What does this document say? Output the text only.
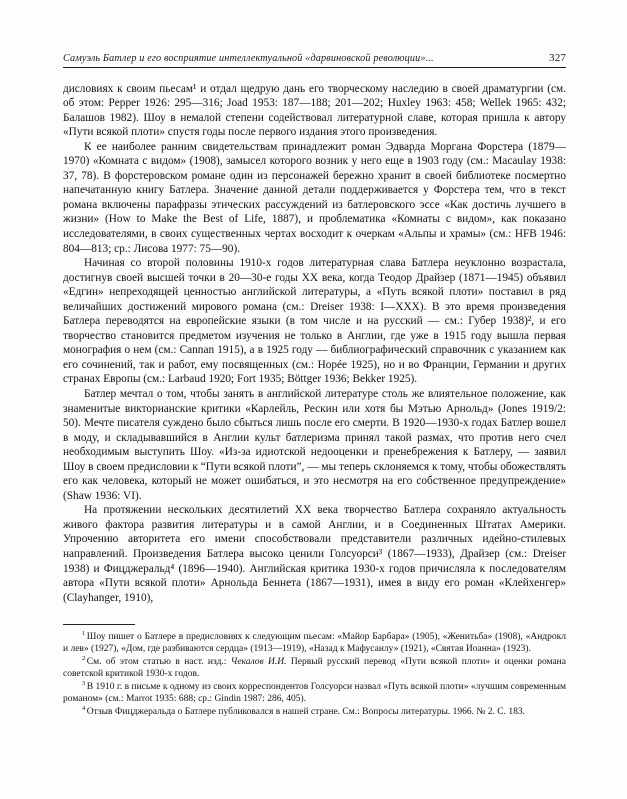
Самуэль Батлер и его восприятие интеллектуальной «дарвиновской революции»...	327

дисловиях к своим пьесам¹ и отдал щедрую дань его творческому наследию в своей драматургии (см. об этом: Pepper 1926: 295—316; Joad 1953: 187—188; 201—202; Huxley 1963: 458; Wellek 1965: 432; Балашов 1982). Шоу в немалой степени содействовал литературной славе, которая пришла к автору «Пути всякой плоти» спустя годы после первого издания этого произведения.

К ее наиболее ранним свидетельствам принадлежит роман Эдварда Моргана Форстера (1879—1970) «Комната с видом» (1908), замысел которого возник у него еще в 1903 году (см.: Macaulay 1938: 37, 78). В форстеровском романе один из персонажей бережно хранит в своей библиотеке посмертно напечатанную книгу Батлера. Значение данной детали поддерживается у Форстера тем, что в текст романа включены парафразы этических рассуждений из батлеровского эссе «Как достичь лучшего в жизни» (How to Make the Best of Life, 1887), и проблематика «Комнаты с видом», как показано исследователями, в своих существенных чертах восходит к очеркам «Альпы и храмы» (см.: HFB 1946: 804—813; ср.: Лисова 1977: 75—90).

Начиная со второй половины 1910-х годов литературная слава Батлера неуклонно возрастала, достигнув своей высшей точки в 20—30-е годы XX века, когда Теодор Драйзер (1871—1945) объявил «Едгин» непреходящей ценностью английской литературы, а «Путь всякой плоти» поставил в ряд величайших достижений мирового романа (см.: Dreiser 1938: I—XXX). В это время произведения Батлера переводятся на европейские языки (в том числе и на русский — см.: Губер 1938)², и его творчество становится предметом изучения не только в Англии, где уже в 1915 году вышла первая монография о нем (см.: Cannan 1915), а в 1925 году — библиографический справочник с указанием как его сочинений, так и работ, ему посвященных (см.: Hopée 1925), но и во Франции, Германии и других странах Европы (см.: Larbaud 1920; Fort 1935; Böttger 1936; Bekker 1925).

Батлер мечтал о том, чтобы занять в английской литературе столь же влиятельное положение, как знаменитые викторианские критики «Карлейль, Рескин или хотя бы Мэтью Арнольд» (Jones 1919/2: 50). Мечте писателя суждено было сбыться лишь после его смерти. В 1920—1930-х годах Батлер вошел в моду, и складывавшийся в Англии культ батлеризма принял такой размах, что против него счел необходимым выступить Шоу. «Из-за идиотской недооценки и пренебрежения к Батлеру, — заявил Шоу в своем предисловии к “Пути всякой плоти”, — мы теперь склоняемся к тому, чтобы обожествлять его как человека, который не может ошибаться, и это несмотря на его собственное предупреждение» (Shaw 1936: VI).

На протяжении нескольких десятилетий XX века творчество Батлера сохраняло актуальность живого фактора развития литературы и в самой Англии, и в Соединенных Штатах Америки. Упрочению авторитета его имени способствовали представители различных идейно-стилевых направлений. Произведения Батлера высоко ценили Голсуорси³ (1867—1933), Драйзер (см.: Dreiser 1938) и Фицджеральд⁴ (1896—1940). Английская критика 1930-х годов причисляла к последователям автора «Пути всякой плоти» Арнольда Беннета (1867—1931), имея в виду его роман «Клейхенгер» (Clayhanger, 1910),

$^1$ Шоу пишет о Батлере в предисловиях к следующим пьесам: «Майор Барбара» (1905), «Женитьба» (1908), «Андрокл и лев» (1927), «Дом, где разбиваются сердца» (1913—1919), «Назад к Мафусаилу» (1921), «Святая Иоанна» (1923).

$^2$ См. об этом статью в наст. изд.: Чекалов И.И. Первый русский перевод «Пути всякой плоти» и оценки романа советской критикой 1930-х годов.

$^3$ В 1910 г. в письме к одному из своих корреспондентов Голсуорси назвал «Путь всякой плоти» «лучшим современным романом» (см.: Marrot 1935: 688; ср.: Gindin 1987: 286, 405).

$^4$ Отзыв Фицджеральда о Батлере публиковался в нашей стране. См.: Вопросы литературы. 1966. № 2. С. 183.
